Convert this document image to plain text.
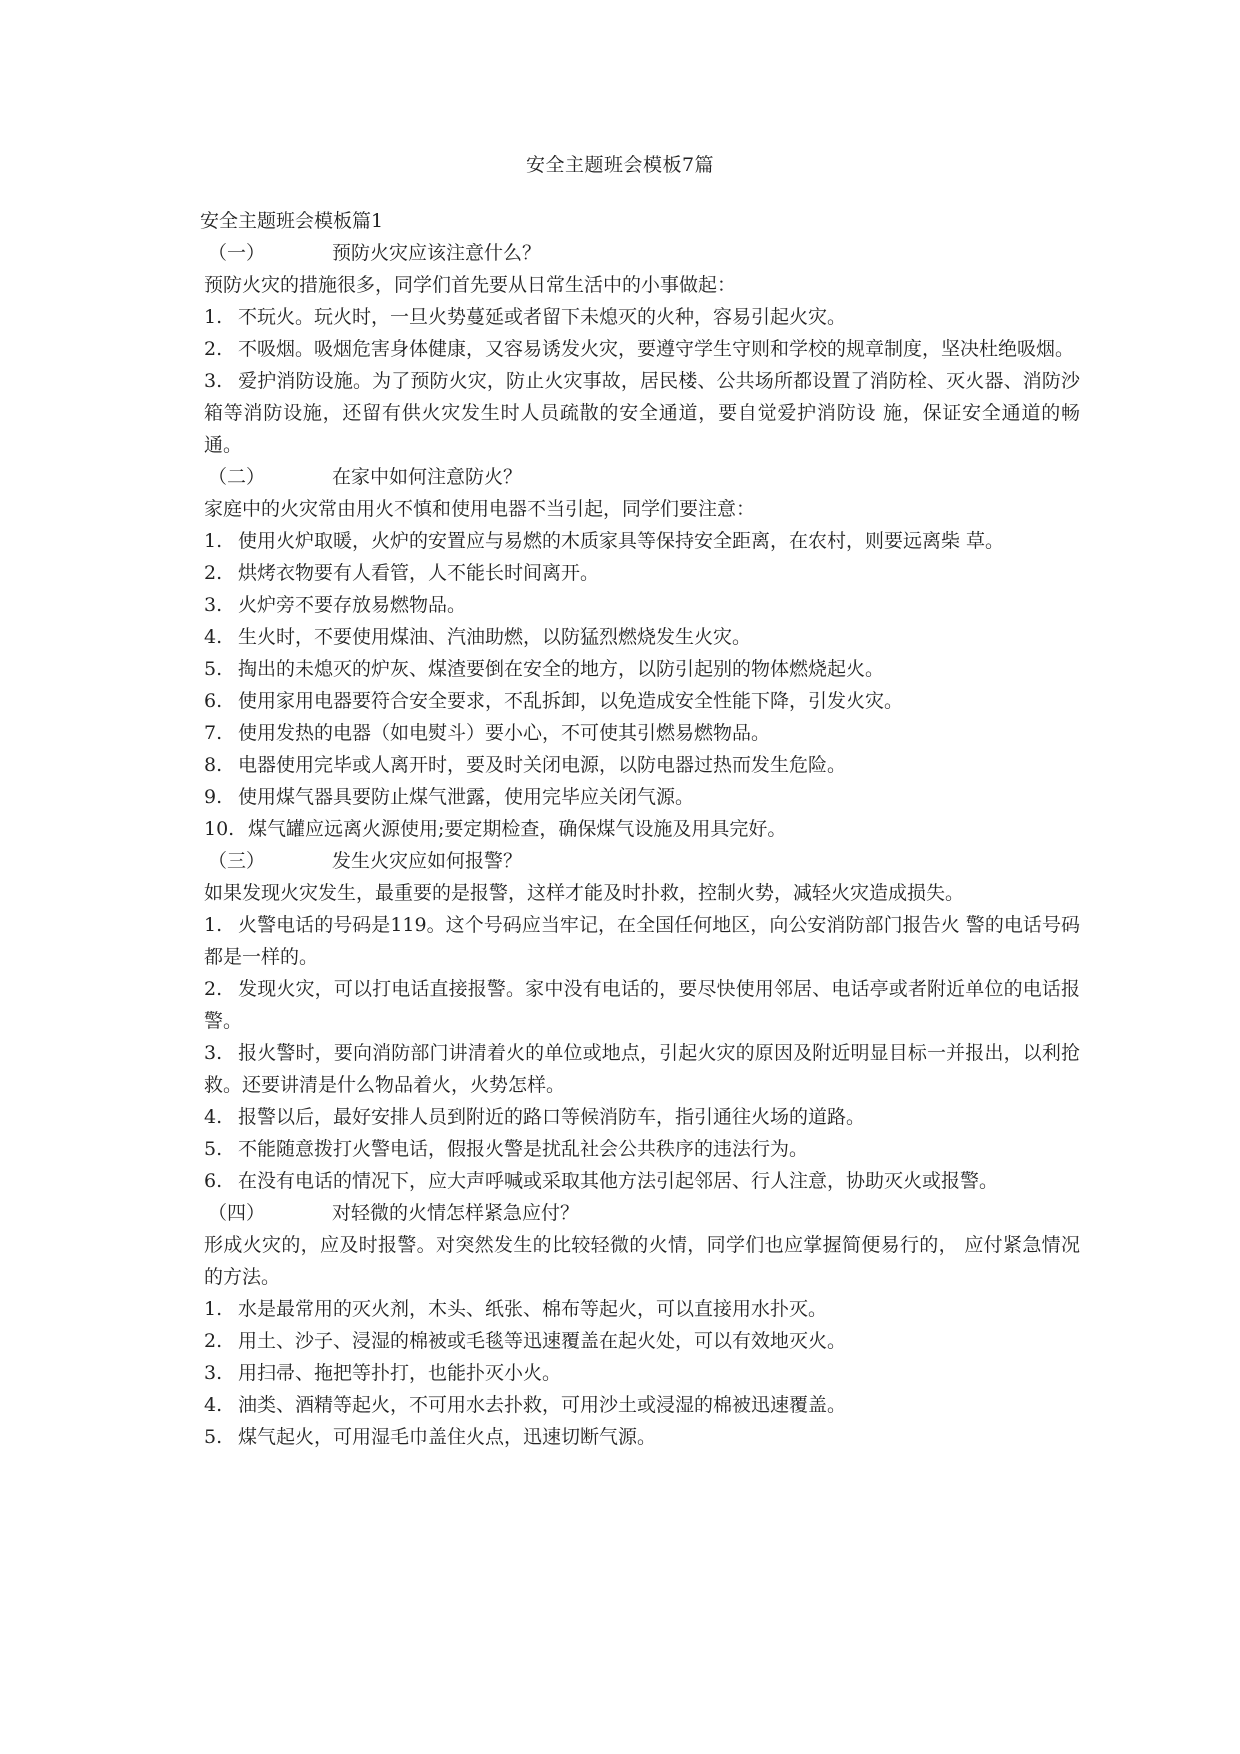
安全主题班会模板7篇

安全主题班会模板篇1

（一）	预防火灾应该注意什么？

预防火灾的措施很多，同学们首先要从日常生活中的小事做起：

1. 不玩火。玩火时，一旦火势蔓延或者留下未熄灭的火种，容易引起火灾。

2. 不吸烟。吸烟危害身体健康，又容易诱发火灾，要遵守学生守则和学校的规章制度，坚决杜绝吸烟。

3. 爱护消防设施。为了预防火灾，防止火灾事故，居民楼、公共场所都设置了消防栓、灭火器、消防沙箱等消防设施，还留有供火灾发生时人员疏散的安全通道，要自觉爱护消防设 施，保证安全通道的畅通。

（二）	在家中如何注意防火？

家庭中的火灾常由用火不慎和使用电器不当引起，同学们要注意：

1. 使用火炉取暖，火炉的安置应与易燃的木质家具等保持安全距离，在农村，则要远离柴 草。

2. 烘烤衣物要有人看管，人不能长时间离开。

3. 火炉旁不要存放易燃物品。

4. 生火时，不要使用煤油、汽油助燃，以防猛烈燃烧发生火灾。

5. 掏出的未熄灭的炉灰、煤渣要倒在安全的地方，以防引起别的物体燃烧起火。

6. 使用家用电器要符合安全要求，不乱拆卸，以免造成安全性能下降，引发火灾。

7. 使用发热的电器（如电熨斗）要小心，不可使其引燃易燃物品。

8. 电器使用完毕或人离开时，要及时关闭电源，以防电器过热而发生危险。

9. 使用煤气器具要防止煤气泄露，使用完毕应关闭气源。

10. 煤气罐应远离火源使用;要定期检查，确保煤气设施及用具完好。

（三）	发生火灾应如何报警？

如果发现火灾发生，最重要的是报警，这样才能及时扑救，控制火势，减轻火灾造成损失。

1. 火警电话的号码是119。这个号码应当牢记，在全国任何地区，向公安消防部门报告火 警的电话号码都是一样的。

2. 发现火灾，可以打电话直接报警。家中没有电话的，要尽快使用邻居、电话亭或者附近单位的电话报警。

3. 报火警时，要向消防部门讲清着火的单位或地点，引起火灾的原因及附近明显目标一并报出，以利抢救。还要讲清是什么物品着火，火势怎样。

4. 报警以后，最好安排人员到附近的路口等候消防车，指引通往火场的道路。

5. 不能随意拨打火警电话，假报火警是扰乱社会公共秩序的违法行为。

6. 在没有电话的情况下，应大声呼喊或采取其他方法引起邻居、行人注意，协助灭火或报警。

（四）	对轻微的火情怎样紧急应付？

形成火灾的，应及时报警。对突然发生的比较轻微的火情，同学们也应掌握简便易行的， 应付紧急情况的方法。

1. 水是最常用的灭火剂，木头、纸张、棉布等起火，可以直接用水扑灭。

2. 用土、沙子、浸湿的棉被或毛毯等迅速覆盖在起火处，可以有效地灭火。

3. 用扫帚、拖把等扑打，也能扑灭小火。

4. 油类、酒精等起火，不可用水去扑救，可用沙土或浸湿的棉被迅速覆盖。

5. 煤气起火，可用湿毛巾盖住火点，迅速切断气源。
